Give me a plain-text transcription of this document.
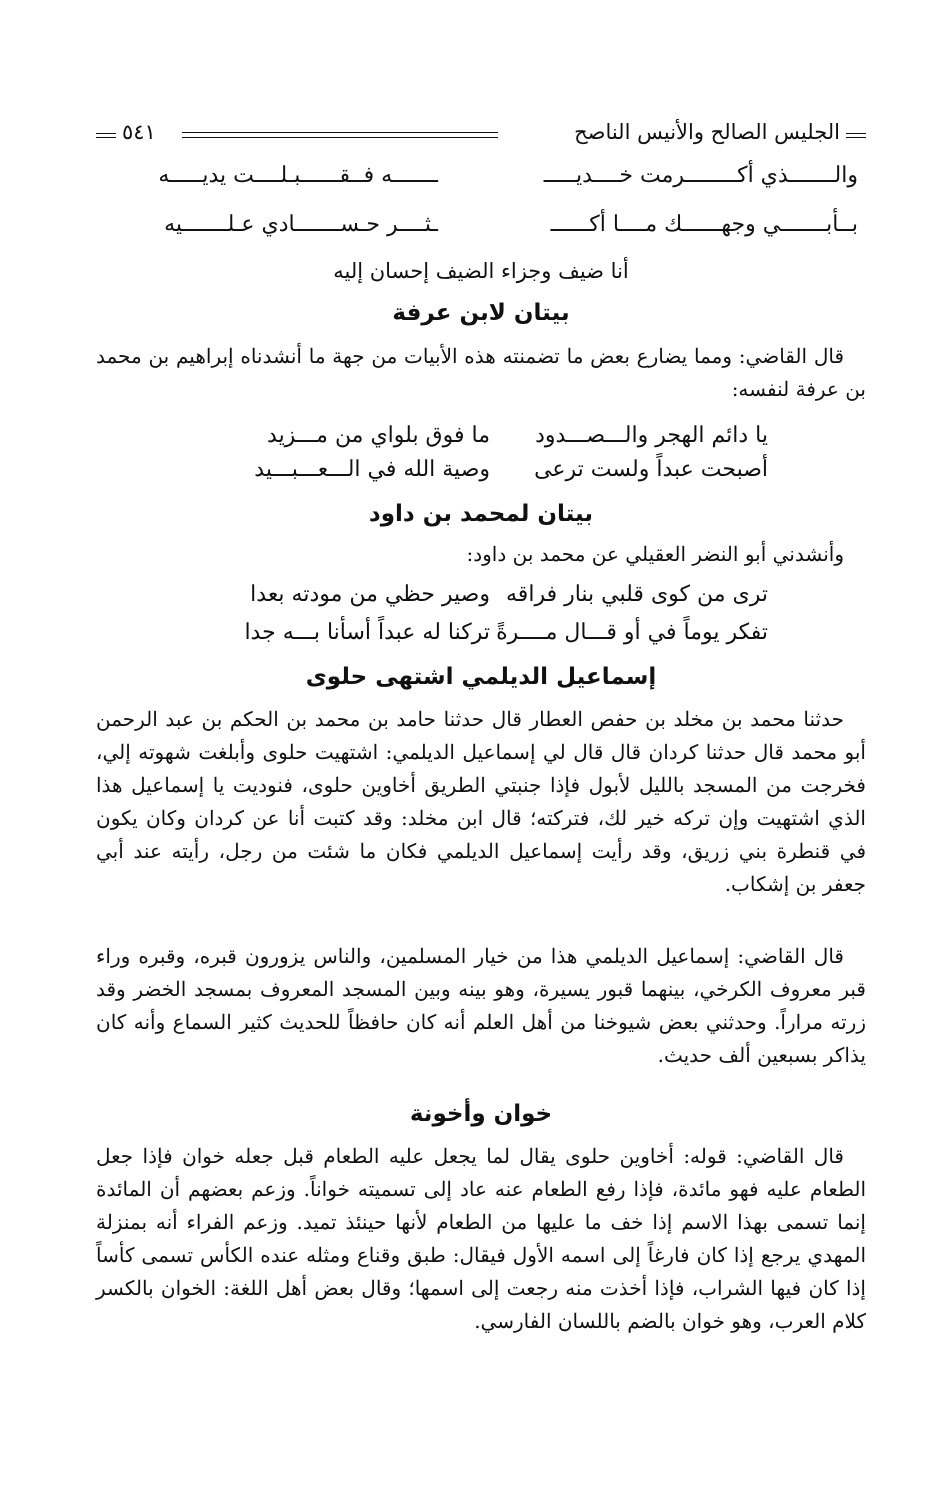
الجليس الصالح والأنيس الناصح
٥٤١
والـــــــذي أكــــــــرمت خــــديـــــ
ـــــــه فــقــــــبـلــــت يديـــــه
بــأبـــــــي وجهــــــك مــــا أكــــــ
ـثــــر حـســـــــادي عـلـــــــيه
أنا ضيف وجزاء الضيف إحسان إليه
بيتان لابن عرفة
قال القاضي: ومما يضارع بعض ما تضمنته هذه الأبيات من جهة ما أنشدناه إبراهيم بن محمد بن عرفة لنفسه:
يا دائم الهجر والـــصـــدود
ما فوق بلواي من مـــزيد
أصبحت عبداً ولست ترعى
وصية الله في الـــعـــبـــيد
بيتان لمحمد بن داود
وأنشدني أبو النضر العقيلي عن محمد بن داود:
ترى من كوى قلبي بنار فراقه
وصير حظي من مودته بعدا
تفكر يوماً في أو قـــال مــــرةً
تركنا له عبداً أسأنا بـــه جدا
إسماعيل الديلمي اشتهى حلوى
حدثنا محمد بن مخلد بن حفص العطار قال حدثنا حامد بن محمد بن الحكم بن عبد الرحمن أبو محمد قال حدثنا كردان قال قال لي إسماعيل الديلمي: اشتهيت حلوى وأبلغت شهوته إلي، فخرجت من المسجد بالليل لأبول فإذا جنبتي الطريق أخاوين حلوى، فنوديت يا إسماعيل هذا الذي اشتهيت وإن تركه خير لك، فتركته؛ قال ابن مخلد: وقد كتبت أنا عن كردان وكان يكون في قنطرة بني زريق، وقد رأيت إسماعيل الديلمي فكان ما شئت من رجل، رأيته عند أبي جعفر بن إشكاب.
قال القاضي: إسماعيل الديلمي هذا من خيار المسلمين، والناس يزورون قبره، وقبره وراء قبر معروف الكرخي، بينهما قبور يسيرة، وهو بينه وبين المسجد المعروف بمسجد الخضر وقد زرته مراراً. وحدثني بعض شيوخنا من أهل العلم أنه كان حافظاً للحديث كثير السماع وأنه كان يذاكر بسبعين ألف حديث.
خوان وأخونة
قال القاضي: قوله: أخاوين حلوى يقال لما يجعل عليه الطعام قبل جعله خوان فإذا جعل الطعام عليه فهو مائدة، فإذا رفع الطعام عنه عاد إلى تسميته خواناً. وزعم بعضهم أن المائدة إنما تسمى بهذا الاسم إذا خف ما عليها من الطعام لأنها حينئذ تميد. وزعم الفراء أنه بمنزلة المهدي يرجع إذا كان فارغاً إلى اسمه الأول فيقال: طبق وقناع ومثله عنده الكأس تسمى كأساً إذا كان فيها الشراب، فإذا أخذت منه رجعت إلى اسمها؛ وقال بعض أهل اللغة: الخوان بالكسر كلام العرب، وهو خوان بالضم باللسان الفارسي.
